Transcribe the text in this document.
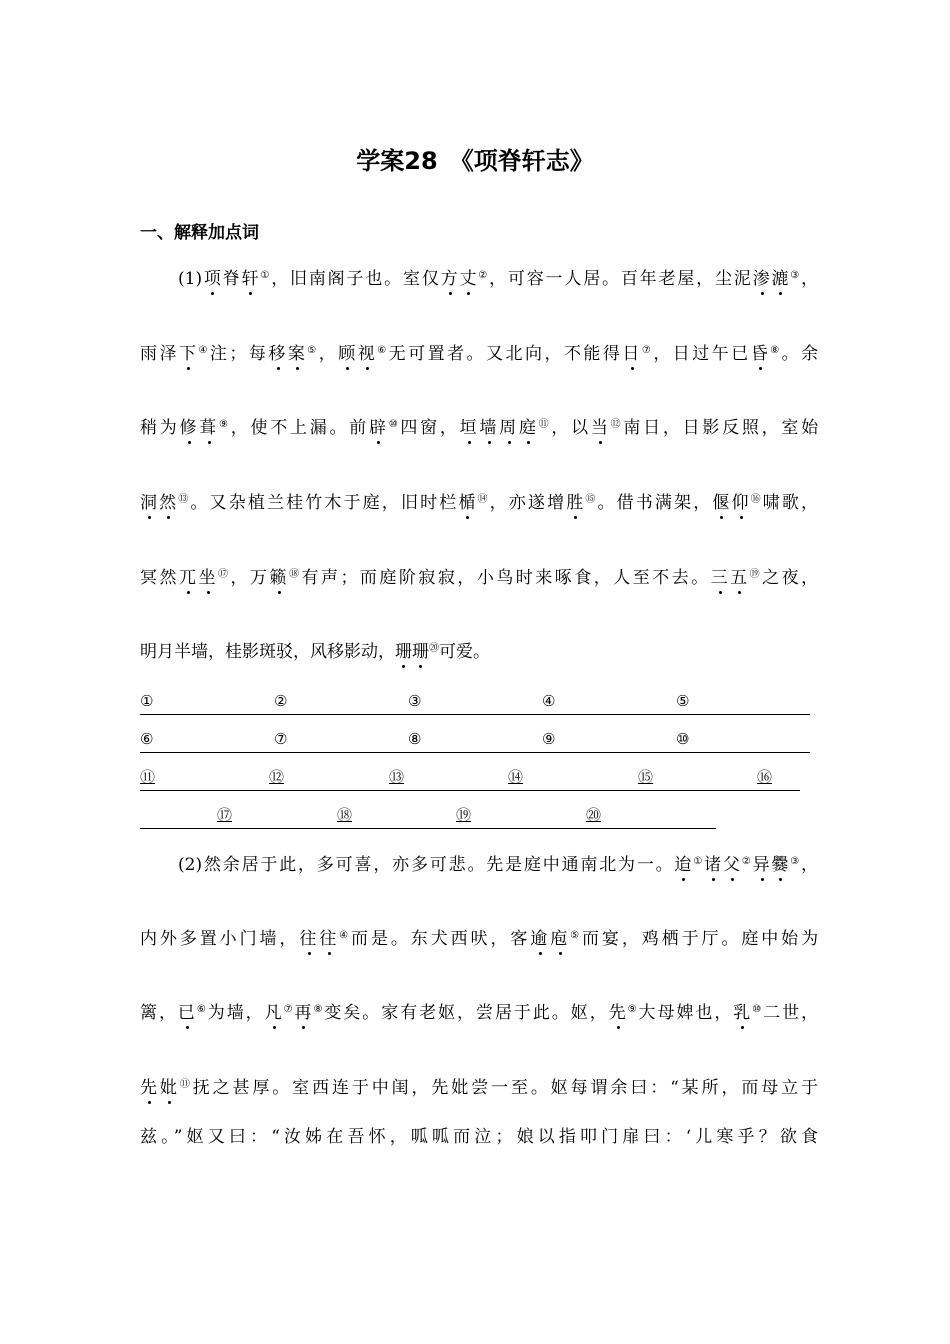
学案28　《项脊轩志》
一、解释加点词
(1)项脊轩①，旧南阁子也。室仅方丈②，可容一人居。百年老屋，尘泥渗漉③，
雨泽下④注；每移案⑤，顾视⑥无可置者。又北向，不能得日⑦，日过午已昏⑧。余
稍为修葺⑨，使不上漏。前辟⑩四窗，垣墙周庭⑪，以当⑫南日，日影反照，室始
洞然⑬。又杂植兰桂竹木于庭，旧时栏楯⑭，亦遂增胜⑮。借书满架，偃仰⑯啸歌，
冥然兀坐⑰，万籁⑱有声；而庭阶寂寂，小鸟时来啄食，人至不去。三五⑲之夜，
明月半墙，桂影斑驳，风移影动，珊珊⑳可爱。
①	②	③	④	⑤
⑥	⑦	⑧	⑨	⑩
⑪	⑫	⑬	⑭	⑮	⑯
⑰	⑱	⑲	⑳
(2)然余居于此，多可喜，亦多可悲。先是庭中通南北为一。迨①诸父②异爨③，
内外多置小门墙，往往④而是。东犬西吠，客逾庖⑤而宴，鸡栖于厅。庭中始为
篱，已⑥为墙，凡⑦再⑧变矣。家有老妪，尝居于此。妪，先⑨大母婢也，乳⑩二世，
先妣⑪抚之甚厚。室西连于中闺，先妣尝一至。妪每谓余曰：“某所，而母立于
兹。”妪又曰：“汝姊在吾怀，呱呱而泣；娘以指叩门扉曰：‘儿寒乎？欲食
